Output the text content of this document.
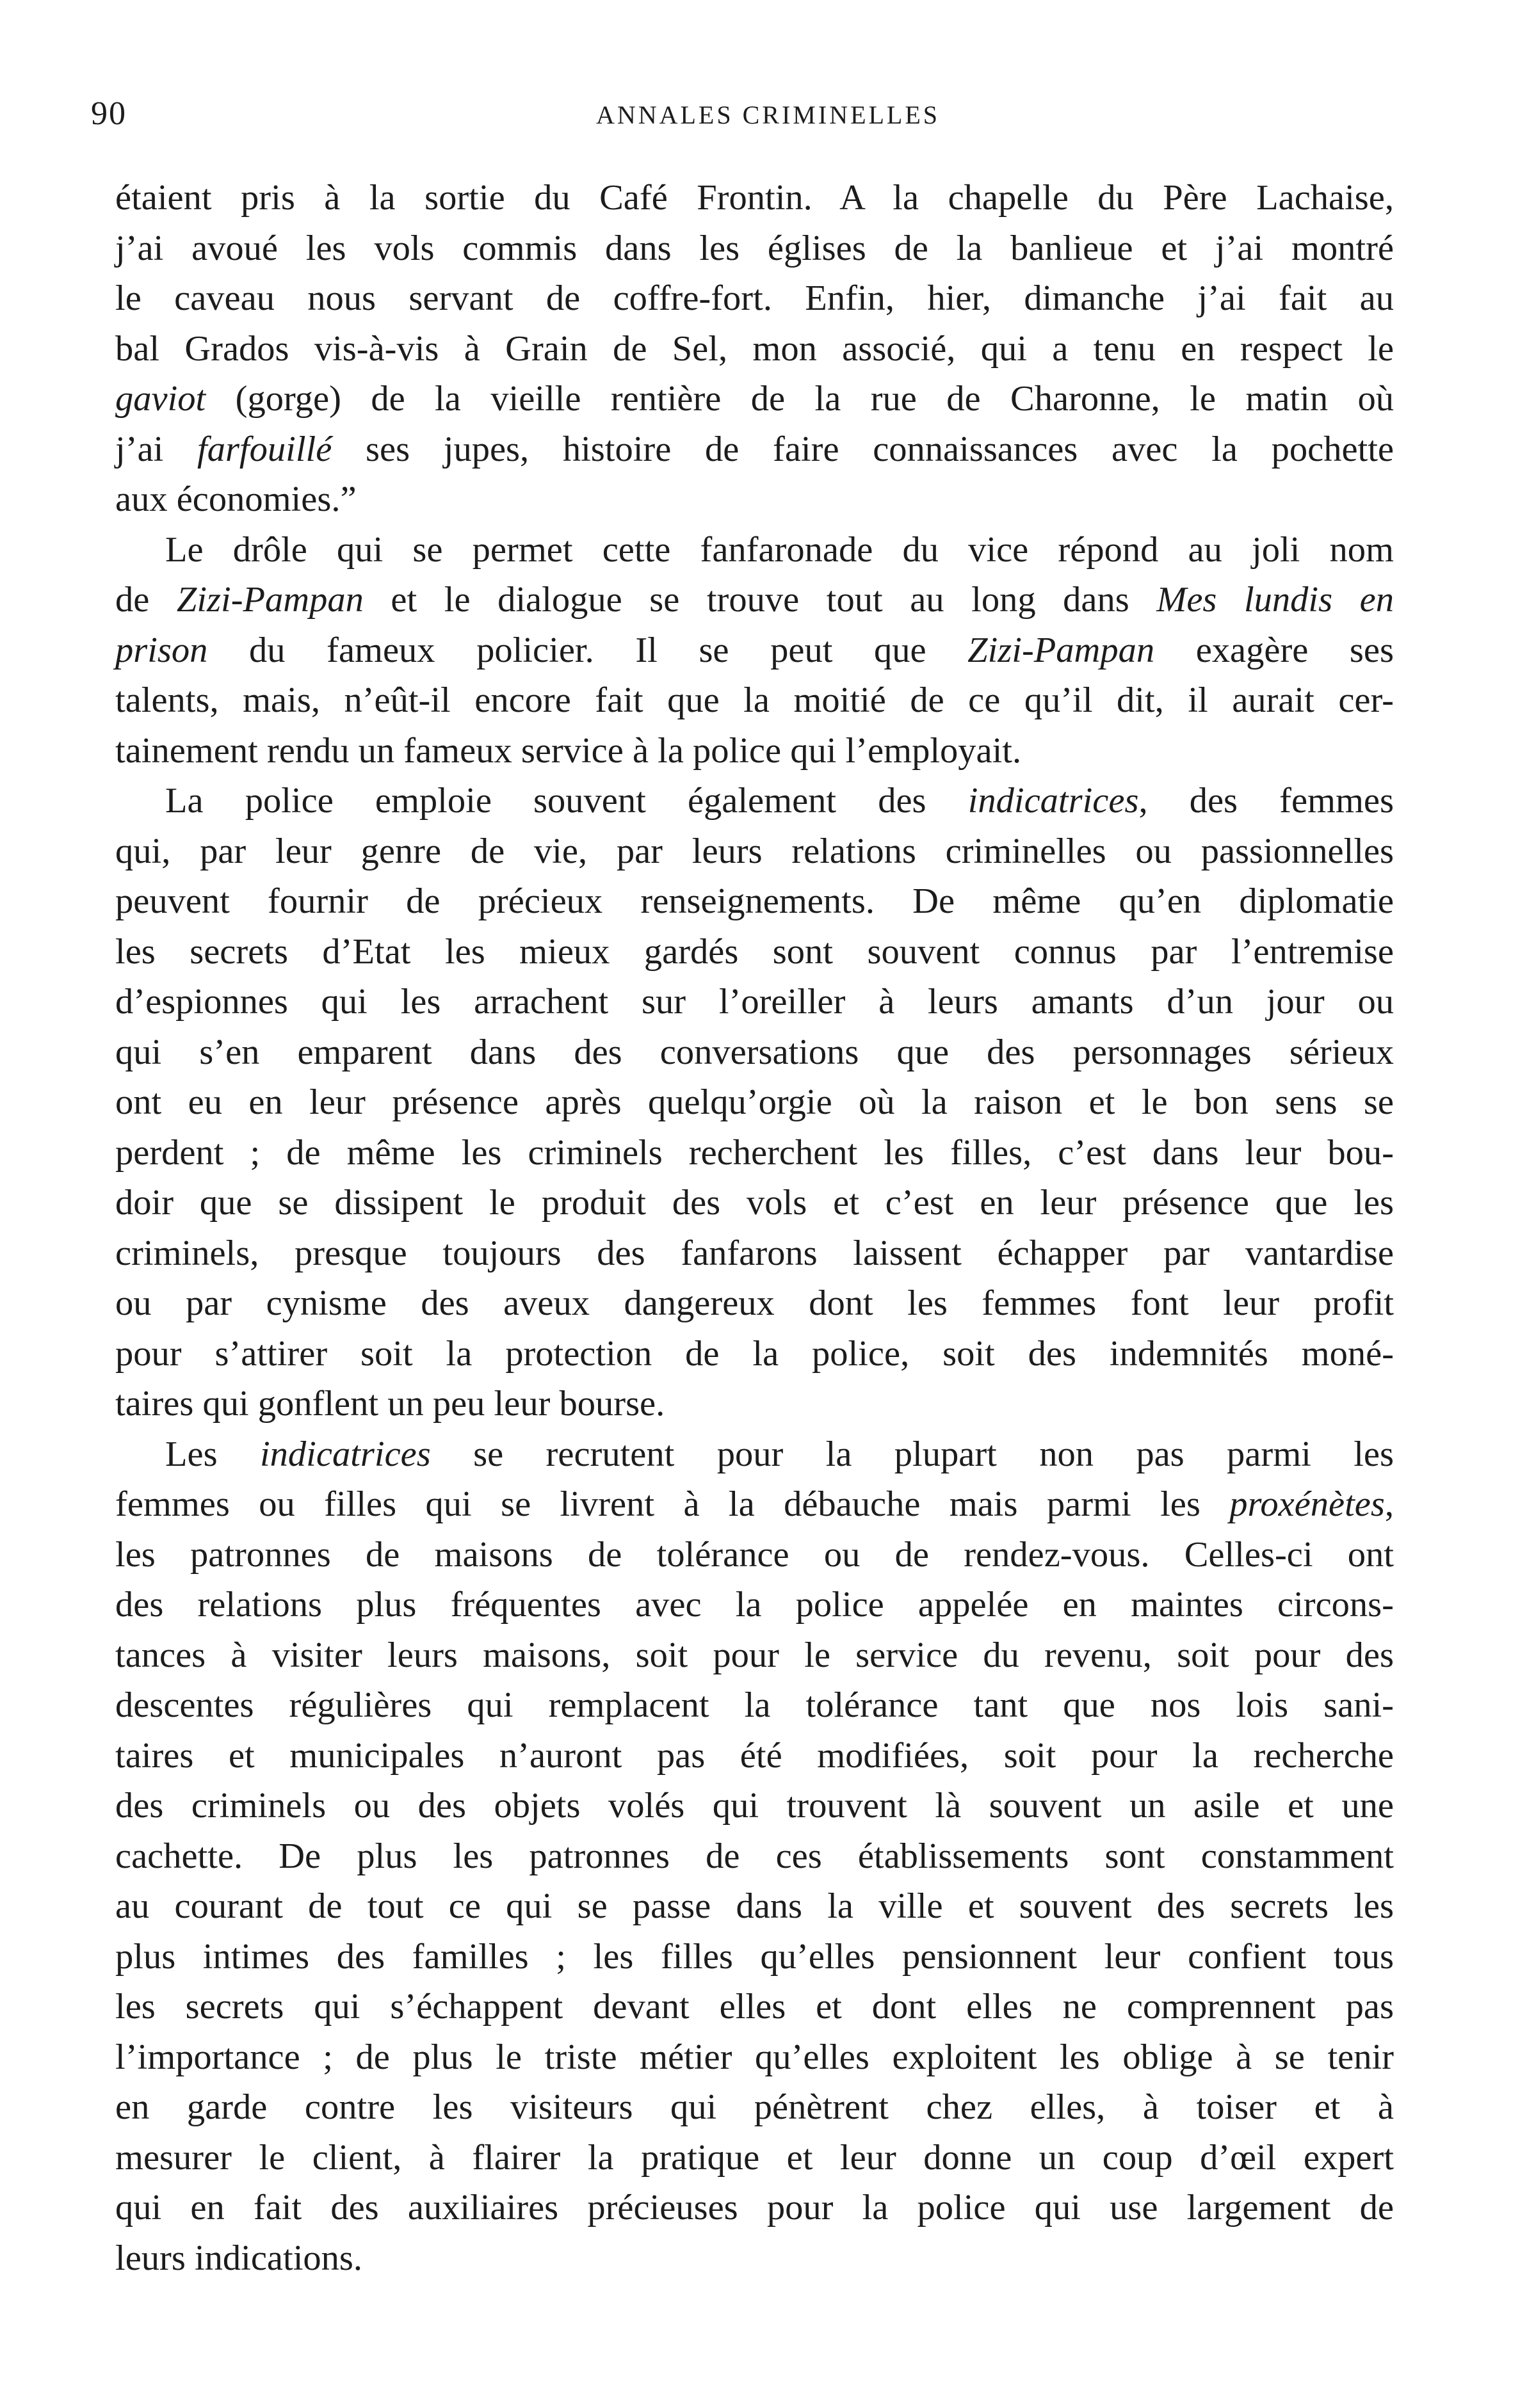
90	ANNALES CRIMINELLES
étaient pris à la sortie du Café Frontin. A la chapelle du Père Lachaise,
j’ai avoué les vols commis dans les églises de la banlieue et j’ai montré
le caveau nous servant de coffre-fort. Enfin, hier, dimanche j’ai fait au
bal Grados vis-à-vis à Grain de Sel, mon associé, qui a tenu en respect le
gaviot (gorge) de la vieille rentière de la rue de Charonne, le matin où
j’ai farfouillé ses jupes, histoire de faire connaissances avec la pochette
aux économies.”
Le drôle qui se permet cette fanfaronade du vice répond au joli nom
de Zizi-Pampan et le dialogue se trouve tout au long dans Mes lundis en
prison du fameux policier. Il se peut que Zizi-Pampan exagère ses
talents, mais, n’eût-il encore fait que la moitié de ce qu’il dit, il aurait cer-
tainement rendu un fameux service à la police qui l’employait.
La police emploie souvent également des indicatrices, des femmes
qui, par leur genre de vie, par leurs relations criminelles ou passionnelles
peuvent fournir de précieux renseignements. De même qu’en diplomatie
les secrets d’Etat les mieux gardés sont souvent connus par l’entremise
d’espionnes qui les arrachent sur l’oreiller à leurs amants d’un jour ou
qui s’en emparent dans des conversations que des personnages sérieux
ont eu en leur présence après quelqu’orgie où la raison et le bon sens se
perdent ; de même les criminels recherchent les filles, c’est dans leur bou-
doir que se dissipent le produit des vols et c’est en leur présence que les
criminels, presque toujours des fanfarons laissent échapper par vantardise
ou par cynisme des aveux dangereux dont les femmes font leur profit
pour s’attirer soit la protection de la police, soit des indemnités moné-
taires qui gonflent un peu leur bourse.
Les indicatrices se recrutent pour la plupart non pas parmi les
femmes ou filles qui se livrent à la débauche mais parmi les proxénètes,
les patronnes de maisons de tolérance ou de rendez-vous. Celles-ci ont
des relations plus fréquentes avec la police appelée en maintes circons-
tances à visiter leurs maisons, soit pour le service du revenu, soit pour des
descentes régulières qui remplacent la tolérance tant que nos lois sani-
taires et municipales n’auront pas été modifiées, soit pour la recherche
des criminels ou des objets volés qui trouvent là souvent un asile et une
cachette. De plus les patronnes de ces établissements sont constamment
au courant de tout ce qui se passe dans la ville et souvent des secrets les
plus intimes des familles ; les filles qu’elles pensionnent leur confient tous
les secrets qui s’échappent devant elles et dont elles ne comprennent pas
l’importance ; de plus le triste métier qu’elles exploitent les oblige à se tenir
en garde contre les visiteurs qui pénètrent chez elles, à toiser et à
mesurer le client, à flairer la pratique et leur donne un coup d’œil expert
qui en fait des auxiliaires précieuses pour la police qui use largement de
leurs indications.
